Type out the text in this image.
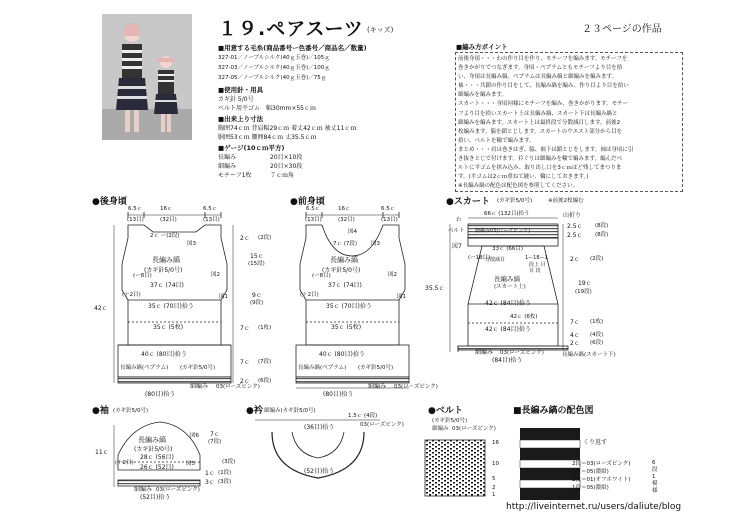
１９.ペアスーツ (キッズ)	２３ページの作品
■用意する毛糸(商品番号ー色番号／商品名／数量)
327-01／ノーブルシルク(40ｇ玉巻)／105ｇ
327-03／ノーブルシルク(40ｇ玉巻)／100ｇ
327-05／ノーブルシルク(40ｇ玉巻)／75ｇ
■使用針・用具
カギ針 5/0号
ベルト用平ゴム　幅30mm×55ｃｍ
■出来上り寸法
胸囲74ｃｍ 背肩幅29ｃｍ 着丈42ｃｍ 袖丈11ｃｍ
胴囲53ｃｍ 腰囲84ｃｍ 丈35.5ｃｍ
■ゲージ(10ｃｍ平方)
長編み	20目×10段
細編み	20目×30段
モチーフ1枚	７ｃｍ角
■編み方ポイント
前後身頃・・・わの作り目を作り、モチーフを編みます。モチーフを
巻きかがりでつなぎます。身頃・ペプラムともモチーフより目を拾
い、身頃は長編み縞、ペプラムは長編み縞と細編みを編みます。
袖・・・共鎖の作り目をして、長編み縞を編み、作り目より目を拾い
細編みを編みます。
スカート・・・身頃同様にモチーフを編み、巻きかがります。モチー
フより目を拾いスカート上は長編み縞、スカート下は長編み縞と
細編みを編みます。スカート上は最終段で分散減目します。前後2
枚編みます。脇を鎖とじします。スカートのウエスト部分から目を
拾い、ベルトを輪で編みます。
まとめ・・・肩は巻きはぎ、脇、袖下は鎖とじをします。袖は身頃に引
き抜きとじで付けます。衿ぐりは細編みを輪で編みます。編んだベ
ルトに平ゴムを挟み込み、取り出し口を3ｃｍほど残してまつりま
す。(平ゴムは2ｃｍ重ねて縫い、輪にしておきます。)
※長編み縞の配色は配色図を参照してください。
●後身頃	●前身頃	●スカート (カギ針5/0号)	※前後2枚編む
●袖 (カギ針5/0号)	●衿 細編み(カギ針5/0号)	●ベルト	■長編み縞の配色図
6.5ｃ	16ｃ	6.5ｃ
(13目)	(32目)	(13目)
2ｃ ー(2段)
図3
図2
図1
(ー8目)
長編み縞
(カギ針5/0号)
37ｃ (74目)
(＋2目)
35ｃ (70目)拾う
35ｃ (5枚)
40ｃ (80目)拾う
長編み縞(ペプラム) (カギ針5/0号)
細編み 03(ローズピンク)
(80目)拾う
2ｃ (2段)
15ｃ
(15段)
9ｃ
(9段)
7ｃ (1枚)
7ｃ (7段)
2ｃ (6段)
42ｃ
6.5ｃ	16ｃ	6.5ｃ
(13目)	(32目)	(13目)
7ｃ (7段)	図3
図4
図2
図1
(ー8目)
長編み縞
(カギ針5/0号)
37ｃ (74目)
(＋2目)
35ｃ (70目)拾う
35ｃ (5枚)
40ｃ (80目)拾う
長編み縞(ペプラム) (カギ針5/0号)
細編み 03(ローズピンク)
(80目)拾う
66ｃ (132目)拾う	山折り
わ
ベルト 細編み03(ローズピンク)
図7	33ｃ (66目)
(ー18目)
分散減目	1ー18ー1
段上 目
目 段
長編み縞
(スカート上)
42ｃ (84目)拾う
42ｃ (6枚)
42ｃ (84目)拾う
長編み縞(スカート下)
細編み 03(ローズピンク)
(84目)拾う
2.5ｃ (8段)
2.5ｃ (8段)
2ｃ (2段)
19ｃ
(19段)
7ｃ (1枚)
4ｃ (4段)
2ｃ (6段)
35.5ｃ
長編み縞
(カギ針5/0号)
図6
図5
28ｃ (56目)
26ｃ (52目)
(＋2目)
細編み 03(ローズピンク)
(52目)拾う
11ｃ
7ｃ
(7段)
1ｃ (1段)
3ｃ (3段)
(3段)
1.5ｃ (4段)
03(ローズピンク)
(36目)拾う
(52目)拾う
(カギ針5/0号)
細編み 03(ローズピンク)
16
10
5
2
1
くり返す
2段＝03(ローズピンク)
1段＝05(濃紺)
2段＝01(オフホワイト)
1段＝05(濃紺)
6段1模様
http://liveinternet.ru/users/daliute/blog
